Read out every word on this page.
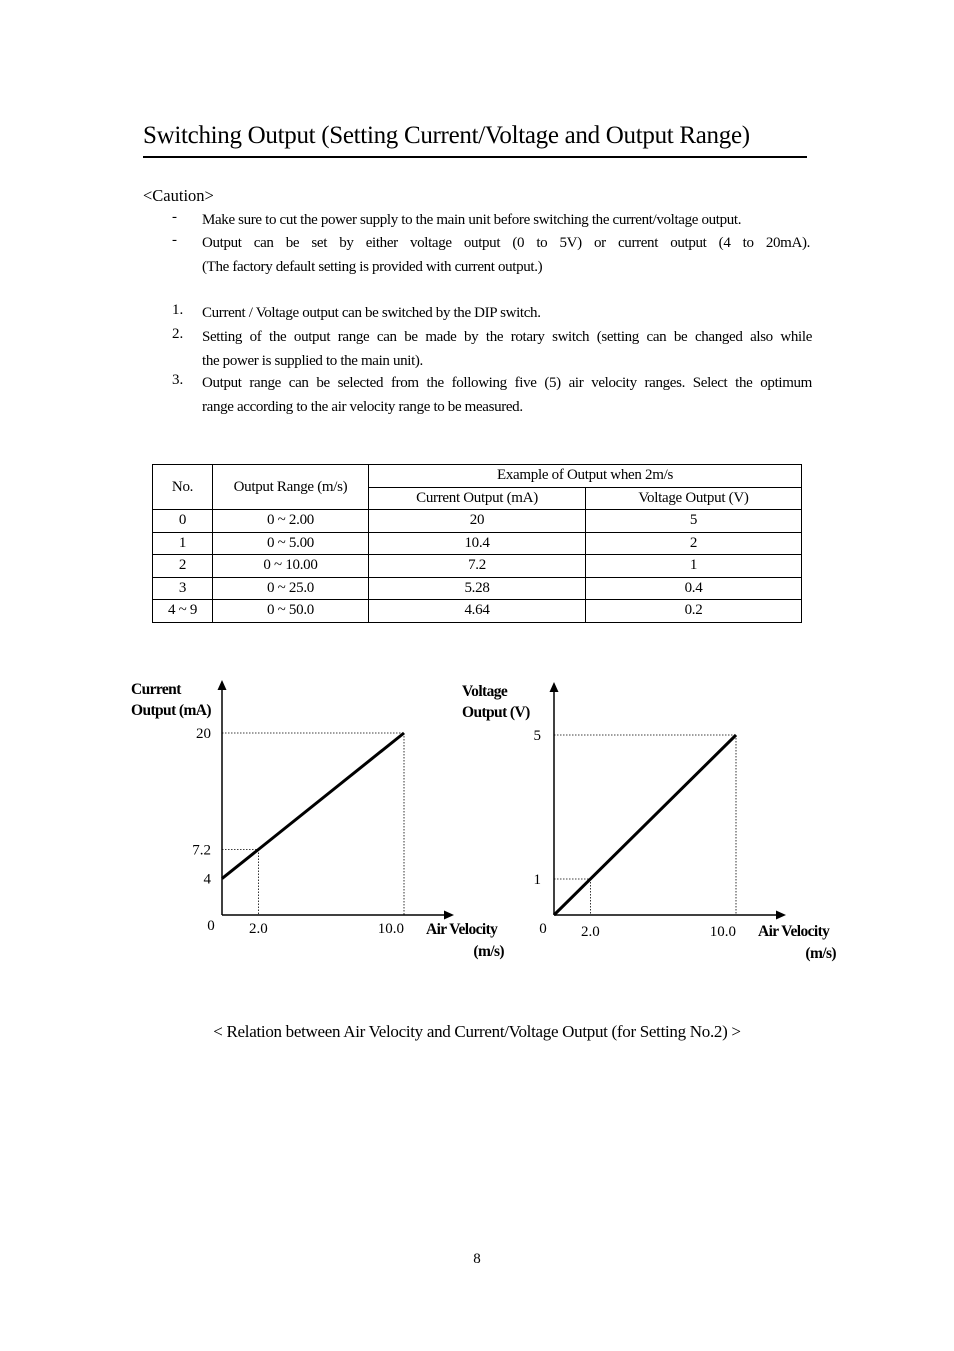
Switching Output (Setting Current/Voltage and Output Range)
<Caution>
- Make sure to cut the power supply to the main unit before switching the current/voltage output.
- Output can be set by either voltage output (0 to 5V) or current output (4 to 20mA).
(The factory default setting is provided with current output.)
1. Current / Voltage output can be switched by the DIP switch.
2. Setting of the output range can be made by the rotary switch (setting can be changed also while
the power is supplied to the main unit).
3. Output range can be selected from the following five (5) air velocity ranges. Select the optimum
range according to the air velocity range to be measured.
No.	Output Range (m/s)	Example of Output when 2m/s	
		Current Output (mA)	Voltage Output (V)
0	0 ~ 2.00	20	5
1	0 ~ 5.00	10.4	2
2	0 ~ 10.00	7.2	1
3	0 ~ 25.0	5.28	0.4
4 ~ 9	0 ~ 50.0	4.64	0.2
4
7.2
20
2.0	10.0
0
Current
Output (mA)
Air Velocity
(m/s)
1
5
2.0	10.0
0
Voltage
Output (V)
Air Velocity
(m/s)
< Relation between Air Velocity and Current/Voltage Output (for Setting No.2) >
8
